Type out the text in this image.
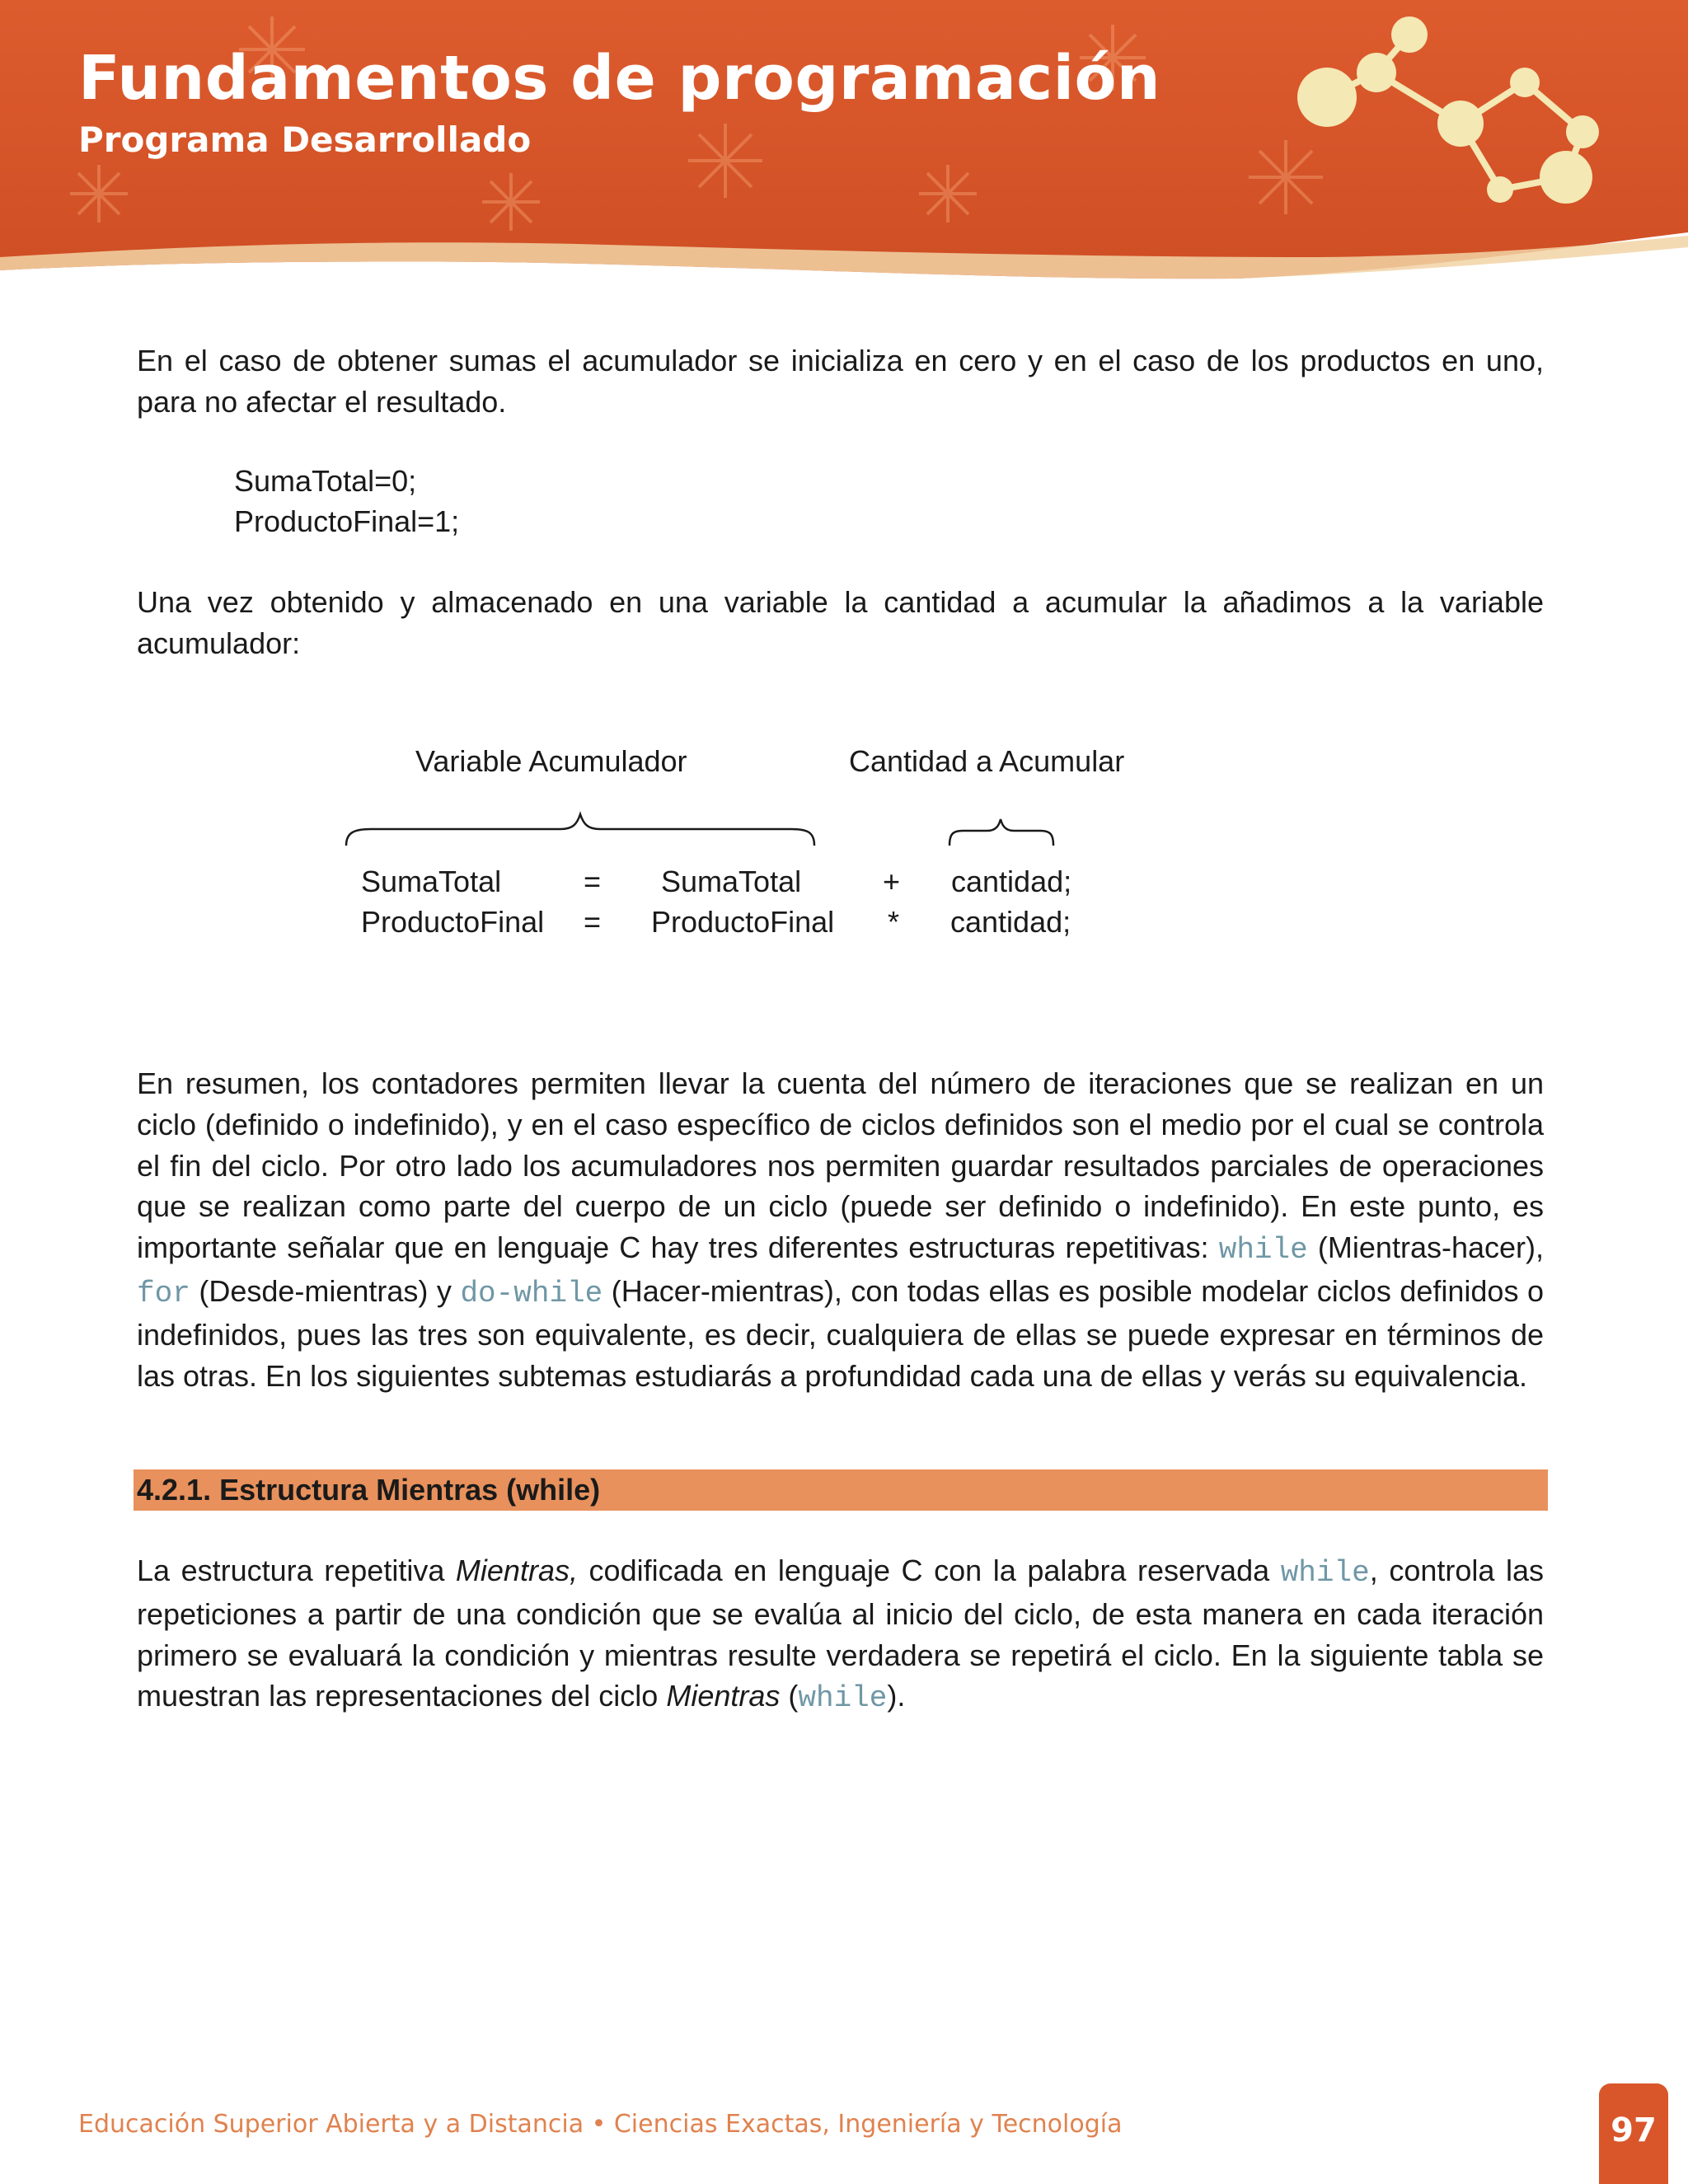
Fundamentos de programación
Programa Desarrollado
En el caso de obtener sumas el acumulador se inicializa en cero y en el caso de los productos en uno, para no afectar el resultado.
SumaTotal=0;
ProductoFinal=1;
Una vez obtenido y almacenado en una variable la cantidad a acumular la añadimos a la variable acumulador:
Variable Acumulador	Cantidad a Acumular
SumaTotal	= SumaTotal	+ cantidad;
ProductoFinal = ProductoFinal * cantidad;
En resumen, los contadores permiten llevar la cuenta del número de iteraciones que se realizan en un ciclo (definido o indefinido), y en el caso específico de ciclos definidos son el medio por el cual se controla el fin del ciclo. Por otro lado los acumuladores nos permiten guardar resultados parciales de operaciones que se realizan como parte del cuerpo de un ciclo (puede ser definido o indefinido). En este punto, es importante señalar que en lenguaje C hay tres diferentes estructuras repetitivas: while (Mientras-hacer), for (Desde-mientras) y do-while (Hacer-mientras), con todas ellas es posible modelar ciclos definidos o indefinidos, pues las tres son equivalente, es decir, cualquiera de ellas se puede expresar en términos de las otras. En los siguientes subtemas estudiarás a profundidad cada una de ellas y verás su equivalencia.
4.2.1. Estructura Mientras (while)
La estructura repetitiva Mientras, codificada en lenguaje C con la palabra reservada while, controla las repeticiones a partir de una condición que se evalúa al inicio del ciclo, de esta manera en cada iteración primero se evaluará la condición y mientras resulte verdadera se repetirá el ciclo. En la siguiente tabla se muestran las representaciones del ciclo Mientras (while).
Educación Superior Abierta y a Distancia • Ciencias Exactas, Ingeniería y Tecnología	97
